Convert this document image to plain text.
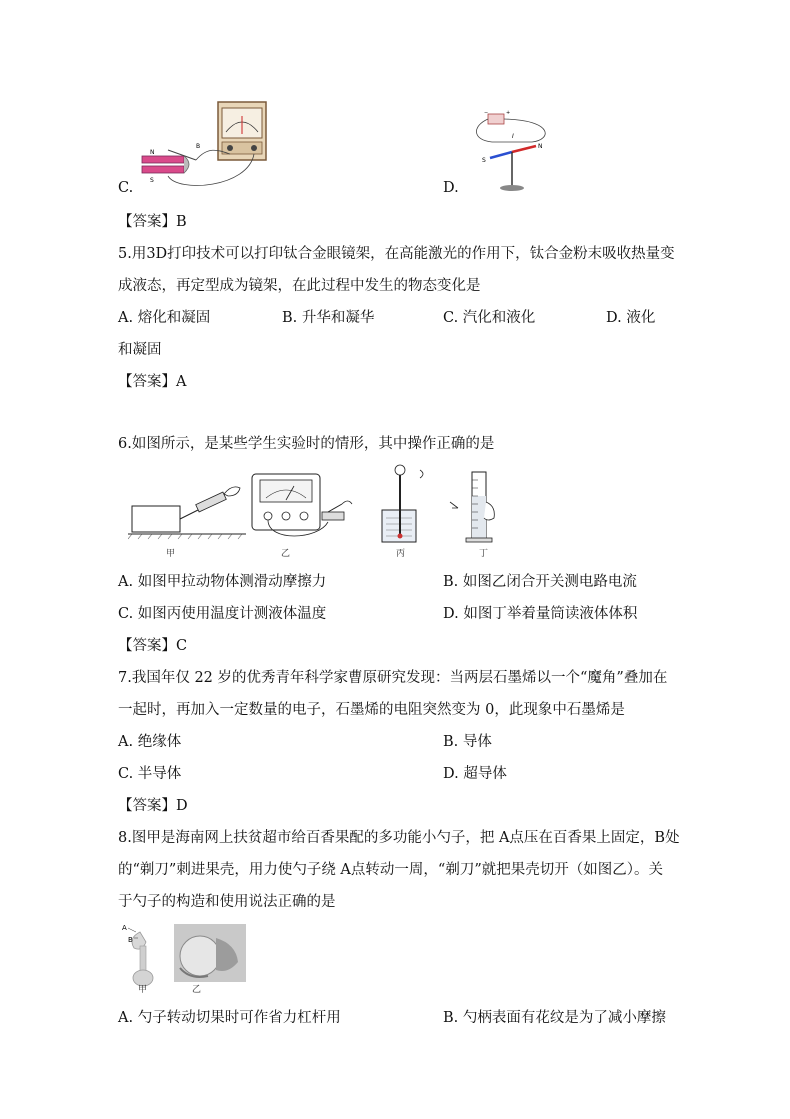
N
S
B
C.
−	+
I
S
N
D.
【答案】B
5.用3D打印技术可以打印钛合金眼镜架，在高能激光的作用下，钛合金粉末吸收热量变
成液态，再定型成为镜架，在此过程中发生的物态变化是
A. 熔化和凝固	B. 升华和凝华	C. 汽化和液化	D. 液化
和凝固
【答案】A
6.如图所示，是某些学生实验时的情形，其中操作正确的是
甲	乙	丙	丁
A. 如图甲拉动物体测滑动摩擦力	B. 如图乙闭合开关测电路电流
C. 如图丙使用温度计测液体温度	D. 如图丁举着量筒读液体体积
【答案】C
7.我国年仅 22 岁的优秀青年科学家曹原研究发现：当两层石墨烯以一个“魔角”叠加在
一起时，再加入一定数量的电子，石墨烯的电阻突然变为 0，此现象中石墨烯是
A. 绝缘体	B. 导体
C. 半导体	D. 超导体
【答案】D
8.图甲是海南网上扶贫超市给百香果配的多功能小勺子，把 A点压在百香果上固定，B处
的“剃刀”刺进果壳，用力使勺子绕 A点转动一周，“剃刀”就把果壳切开（如图乙）。关
于勺子的构造和使用说法正确的是
A
B
甲	乙
A. 勺子转动切果时可作省力杠杆用	B. 勺柄表面有花纹是为了减小摩擦
